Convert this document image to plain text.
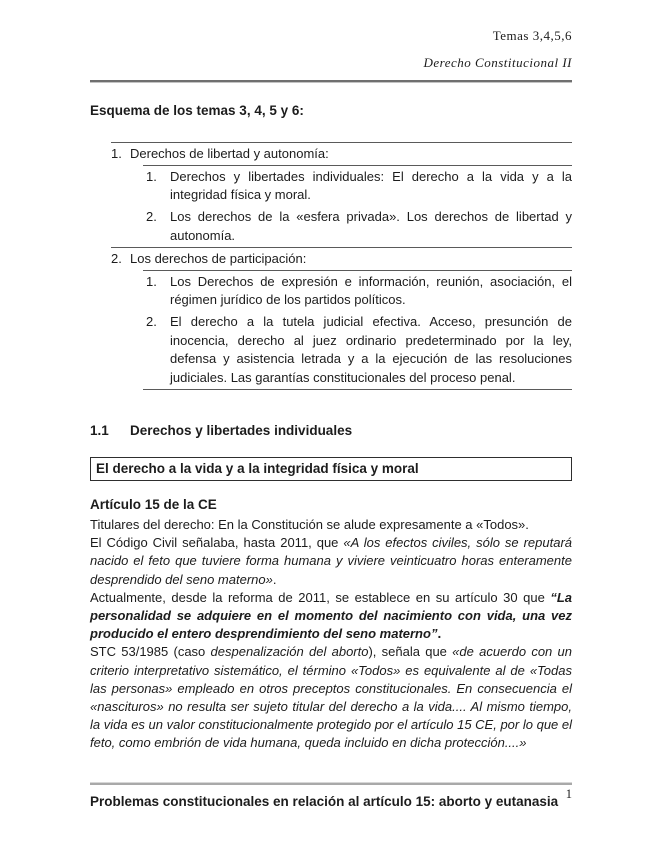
Temas 3,4,5,6
Derecho Constitucional II
Esquema de los temas 3, 4, 5 y 6:
1. Derechos de libertad y autonomía:
1.	Derechos y libertades individuales: El derecho a la vida y a la integridad física y moral.
2.	Los derechos de la «esfera privada». Los derechos de libertad y autonomía.
2. Los derechos de participación:
1.	Los Derechos de expresión e información, reunión, asociación, el régimen jurídico de los partidos políticos.
2.	El derecho a la tutela judicial efectiva. Acceso, presunción de inocencia, derecho al juez ordinario predeterminado por la ley, defensa y asistencia letrada y a la ejecución de las resoluciones judiciales. Las garantías constitucionales del proceso penal.
1.1	Derechos y libertades individuales
El derecho a la vida y a la integridad física y moral
Artículo 15 de la CE

Titulares del derecho: En la Constitución se alude expresamente a «Todos».

El Código Civil señalaba, hasta 2011, que «A los efectos civiles, sólo se reputará nacido el feto que tuviere forma humana y viviere veinticuatro horas enteramente desprendido del seno materno».

Actualmente, desde la reforma de 2011, se establece en su artículo 30 que “La personalidad se adquiere en el momento del nacimiento con vida, una vez producido el entero desprendimiento del seno materno”.

STC 53/1985 (caso despenalización del aborto), señala que «de acuerdo con un criterio interpretativo sistemático, el término «Todos» es equivalente al de «Todas las personas» empleado en otros preceptos constitucionales. En consecuencia el «nascituros» no resulta ser sujeto titular del derecho a la vida.... Al mismo tiempo, la vida es un valor constitucionalmente protegido por el artículo 15 CE, por lo que el feto, como embrión de vida humana, queda incluido en dicha protección....»

Problemas constitucionales en relación al artículo 15: aborto y eutanasia 1
